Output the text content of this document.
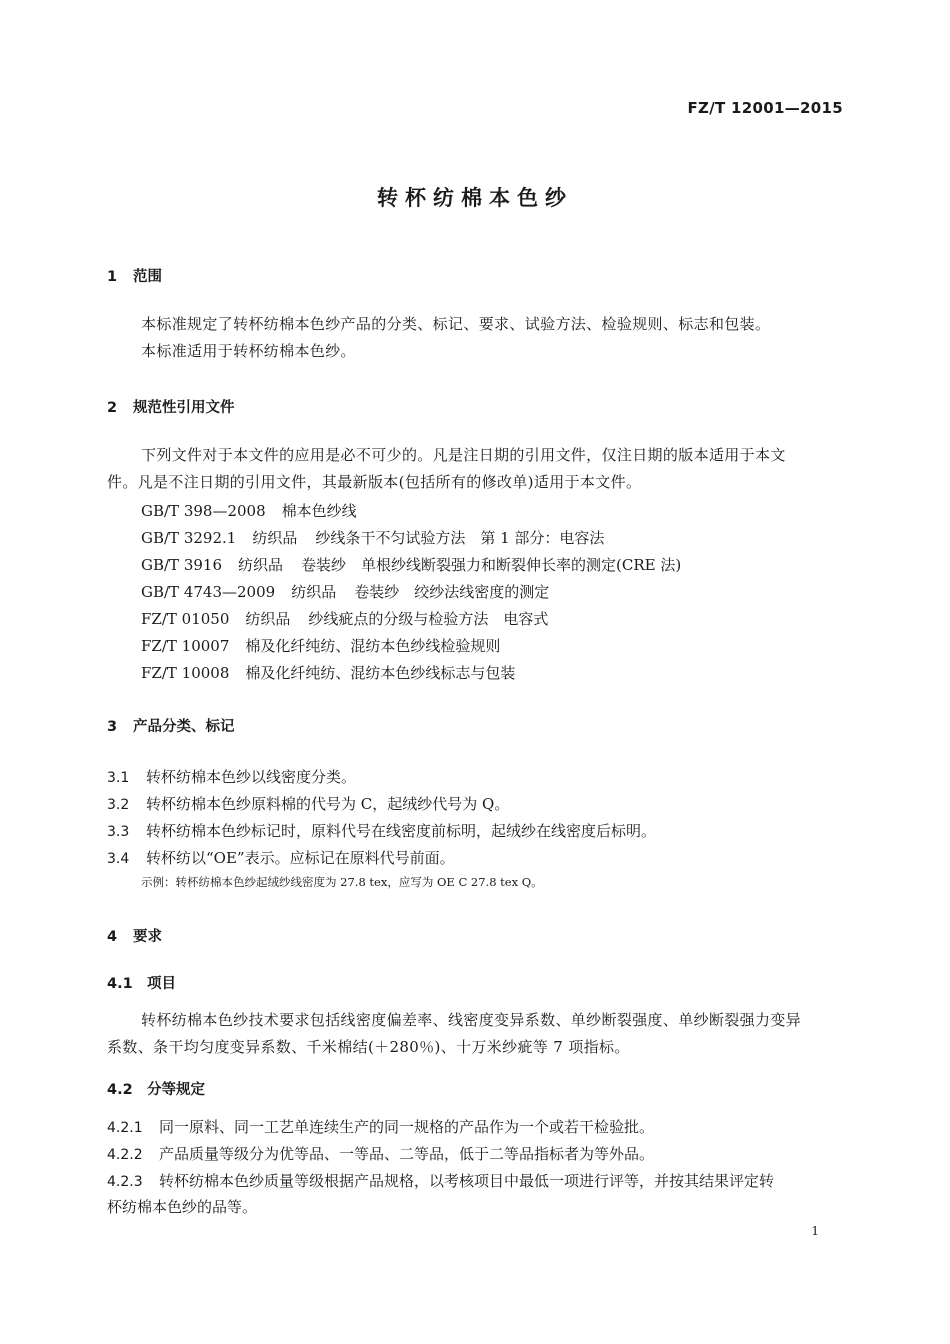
FZ/T 12001—2015
转杯纺棉本色纱
1 范围
本标准规定了转杯纺棉本色纱产品的分类、标记、要求、试验方法、检验规则、标志和包装。
本标准适用于转杯纺棉本色纱。
2 规范性引用文件
下列文件对于本文件的应用是必不可少的。凡是注日期的引用文件，仅注日期的版本适用于本文
件。凡是不注日期的引用文件，其最新版本(包括所有的修改单)适用于本文件。
GB/T 398—2008 棉本色纱线
GB/T 3292.1 纺织品 纱线条干不匀试验方法　第 1 部分：电容法
GB/T 3916 纺织品 卷装纱　单根纱线断裂强力和断裂伸长率的测定(CRE 法)
GB/T 4743—2009 纺织品 卷装纱　绞纱法线密度的测定
FZ/T 01050 纺织品 纱线疵点的分级与检验方法　电容式
FZ/T 10007 棉及化纤纯纺、混纺本色纱线检验规则
FZ/T 10008 棉及化纤纯纺、混纺本色纱线标志与包装
3 产品分类、标记
3.1 转杯纺棉本色纱以线密度分类。
3.2 转杯纺棉本色纱原料棉的代号为 C，起绒纱代号为 Q。
3.3 转杯纺棉本色纱标记时，原料代号在线密度前标明，起绒纱在线密度后标明。
3.4 转杯纺以“OE”表示。应标记在原料代号前面。
示例：转杯纺棉本色纱起绒纱线密度为 27.8 tex，应写为 OE C 27.8 tex Q。
4 要求
4.1 项目
转杯纺棉本色纱技术要求包括线密度偏差率、线密度变异系数、单纱断裂强度、单纱断裂强力变异
系数、条干均匀度变异系数、千米棉结(＋280％)、十万米纱疵等 7 项指标。
4.2 分等规定
4.2.1 同一原料、同一工艺单连续生产的同一规格的产品作为一个或若干检验批。
4.2.2 产品质量等级分为优等品、一等品、二等品，低于二等品指标者为等外品。
4.2.3 转杯纺棉本色纱质量等级根据产品规格，以考核项目中最低一项进行评等，并按其结果评定转
杯纺棉本色纱的品等。
1
